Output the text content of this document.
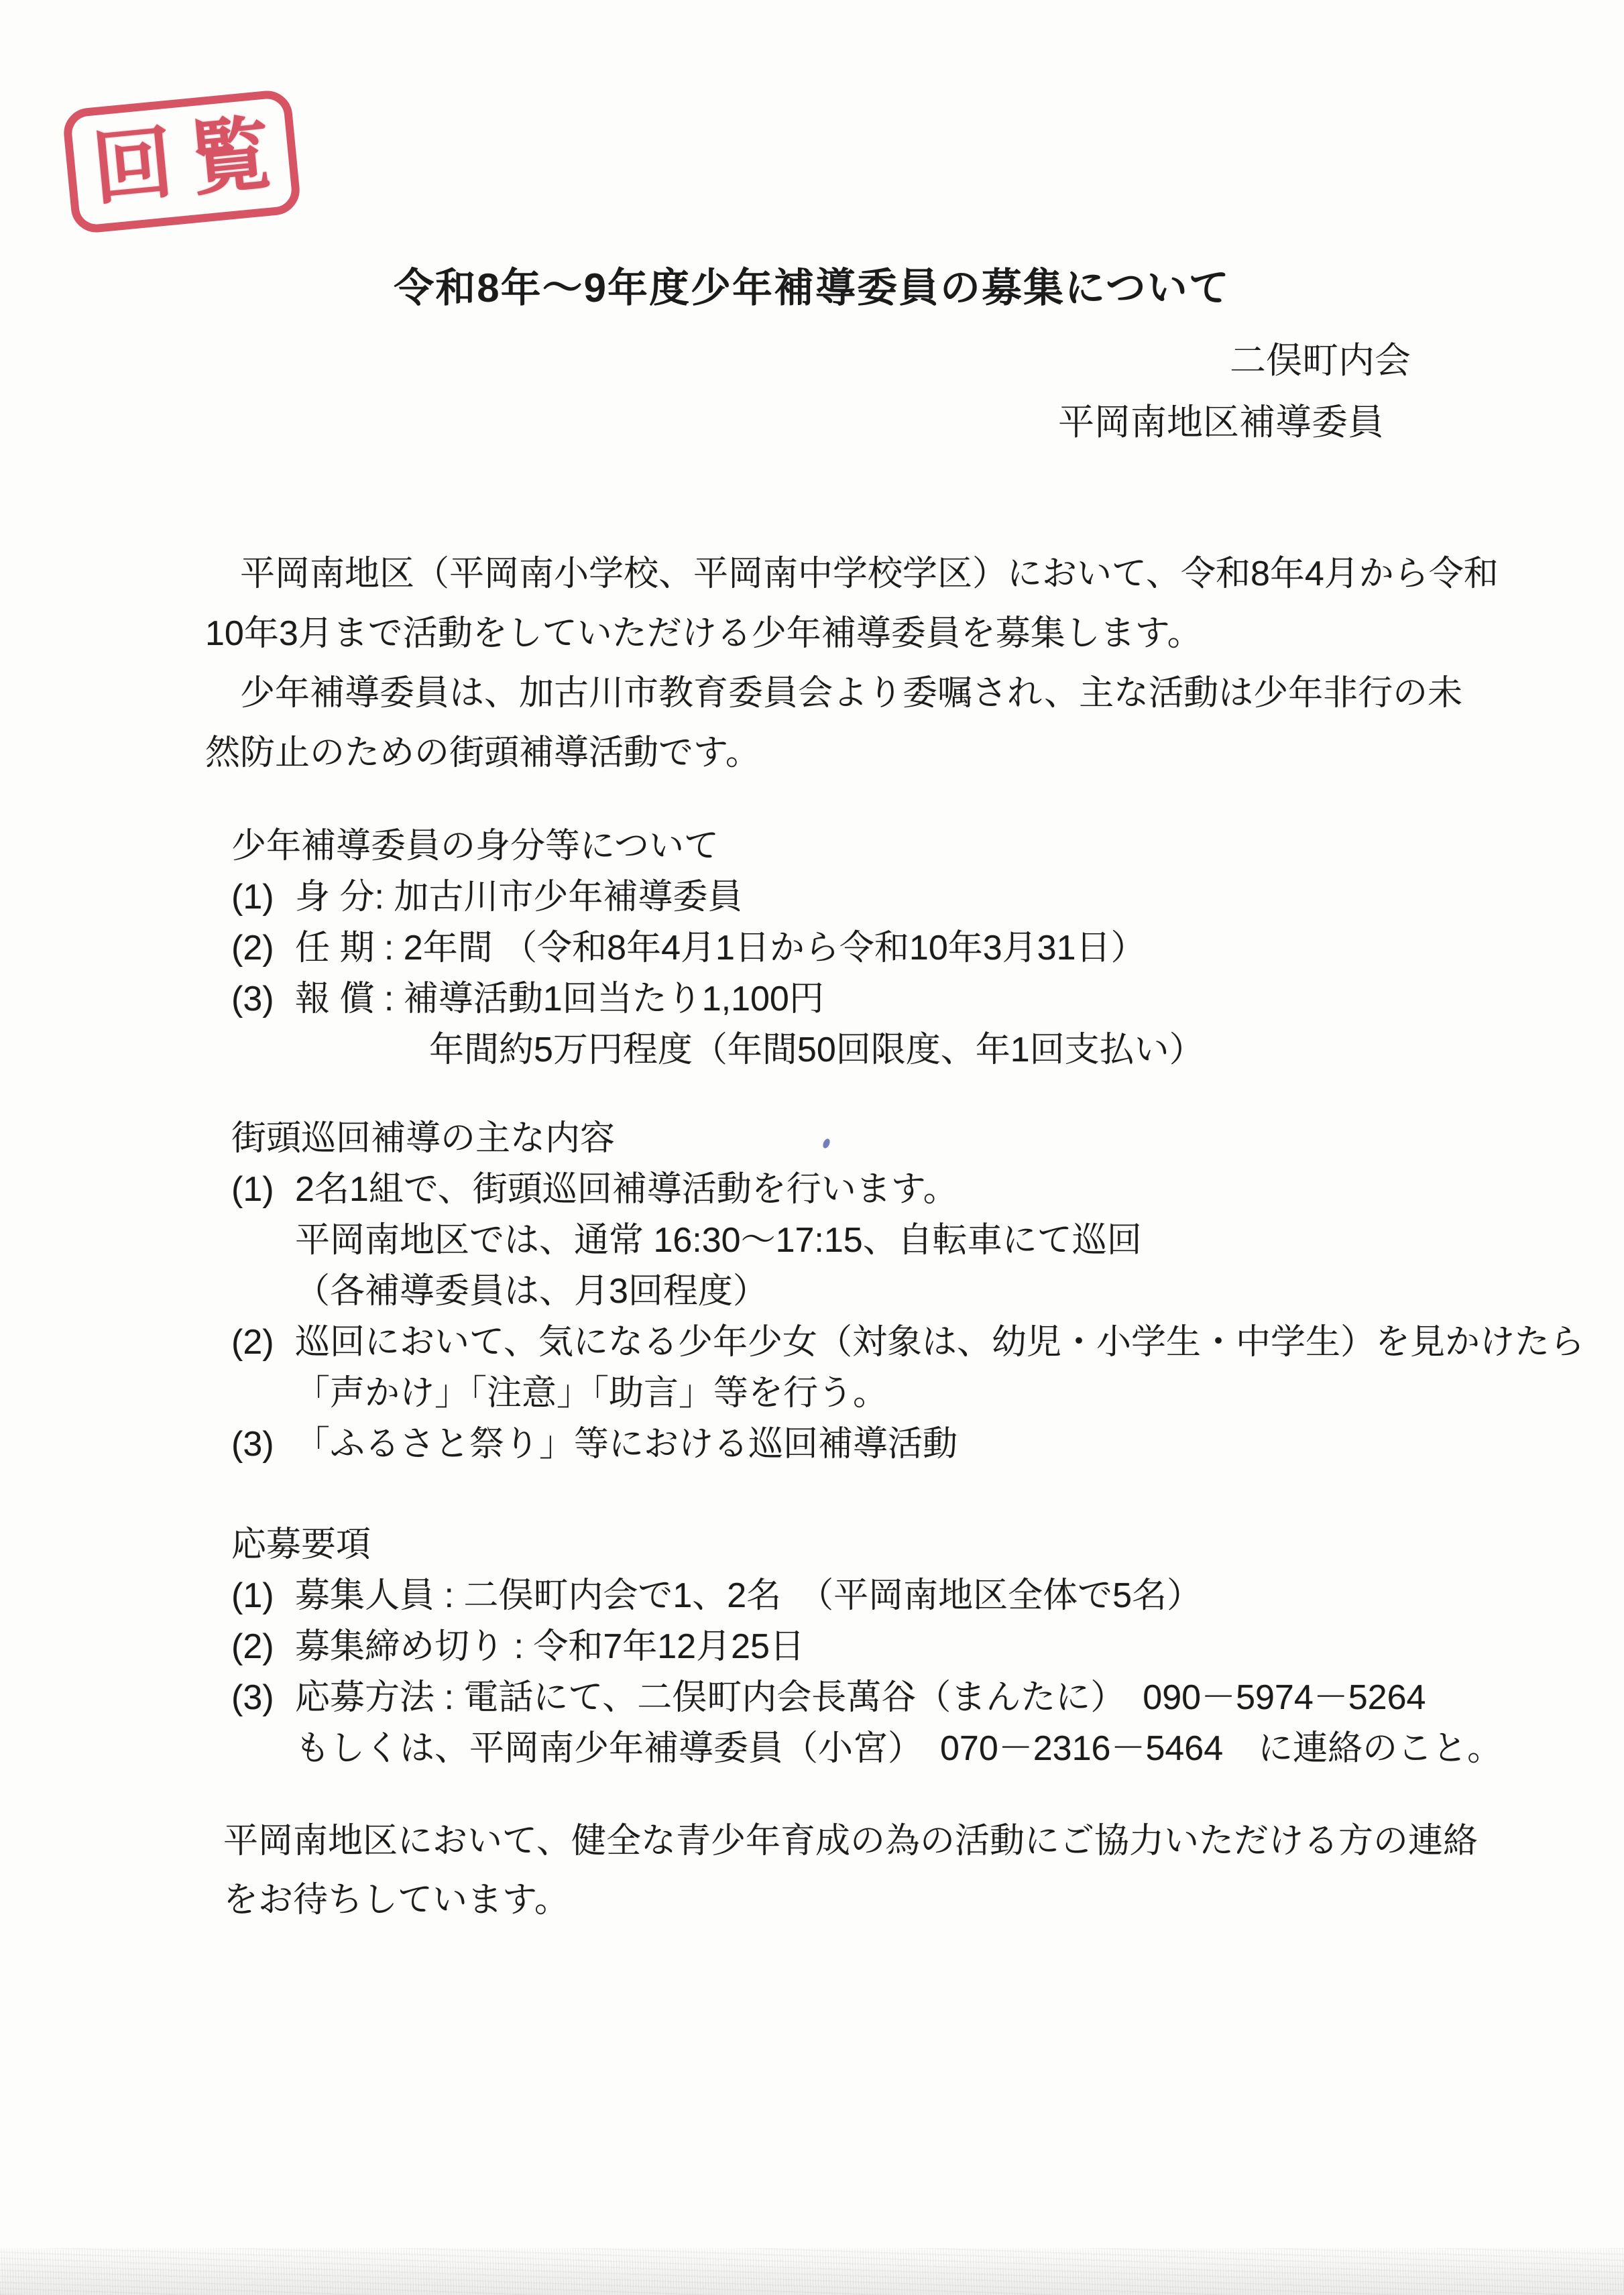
回 覧
令和8年～9年度少年補導委員の募集について

二俣町内会

平岡南地区補導委員

　平岡南地区（平岡南小学校、平岡南中学校学区）において、令和8年4月から令和

10年3月まで活動をしていただける少年補導委員を募集します。

　少年補導委員は、加古川市教育委員会より委嘱され、主な活動は少年非行の未

然防止のための街頭補導活動です。

少年補導委員の身分等について
(1) 身 分: 加古川市少年補導委員
(2) 任 期 : 2年間 （令和8年4月1日から令和10年3月31日）
(3) 報 償 : 補導活動1回当たり1,100円
年間約5万円程度（年間50回限度、年1回支払い）
街頭巡回補導の主な内容
(1) 2名1組で、街頭巡回補導活動を行います。
平岡南地区では、通常 16:30～17:15、自転車にて巡回
（各補導委員は、月3回程度）
(2) 巡回において、気になる少年少女（対象は、幼児・小学生・中学生）を見かけたら
「声かけ」「注意」「助言」等を行う。
(3) 「ふるさと祭り」等における巡回補導活動
応募要項
(1) 募集人員 : 二俣町内会で1、2名　（平岡南地区全体で5名）
(2) 募集締め切り : 令和7年12月25日
(3) 応募方法 : 電話にて、二俣町内会長萬谷（まんたに）　090－5974－5264
もしくは、平岡南少年補導委員（小宮）　070－2316－5464　に連絡のこと。

平岡南地区において、健全な青少年育成の為の活動にご協力いただける方の連絡

をお待ちしています。
